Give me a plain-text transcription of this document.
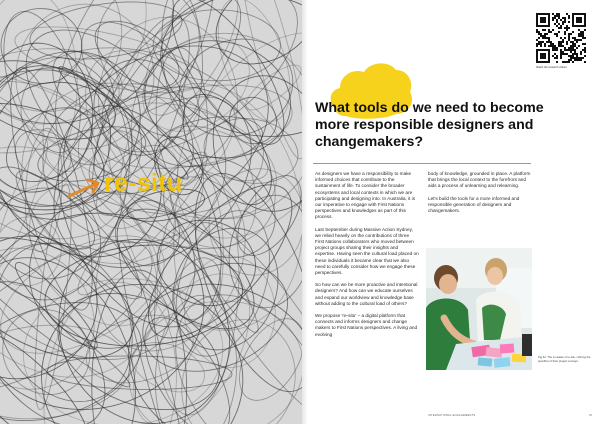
re-situ
Watch the research videos
What tools do we need to become more responsible designers and changemakers?

As designers we have a responsibility to make informed choices that contribute to the sustainment of life. To consider the broader ecosystems and local contexts in which we are participating and designing into. In Australia, it is our imperative to engage with First Nations perspectives and knowledges as part of this process.

Last September during Massive Action Sydney, we relied heavily on the contributions of three First Nations collaborators who moved between project groups sharing their insights and expertise. Having seen the cultural load placed on these individuals it became clear that we also need to carefully consider how we engage these perspectives.

So how can we be more proactive and intentional designers? And how can we educate ourselves and expand our worldview and knowledge base without adding to the cultural load of others?

We propose 're-situ' – a digital platform that connects and informs designers and change makers to First Nations perspectives. A living and evolving

body of knowledge, grounded in place. A platform that brings the local context to the forefront and aids a process of unlearning and relearning.

Let's build the tools for a more informed and responsible generation of designers and changemakers.

Fig 42. The co-leads of re-situ, refining the specifics of their project concept.
INTERNATIONAL ENGAGEMENTS	47
